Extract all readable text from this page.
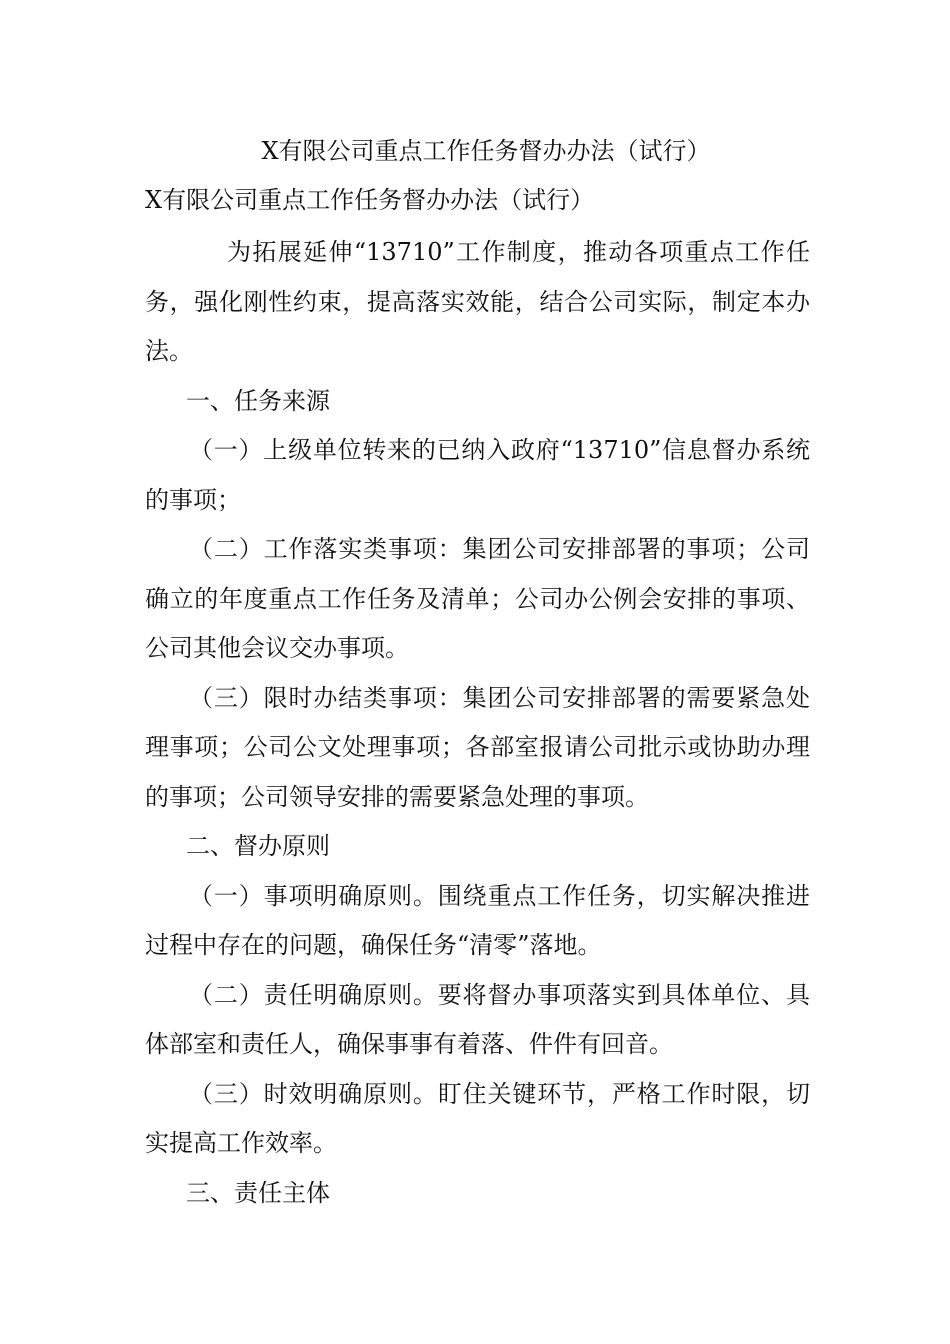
X有限公司重点工作任务督办办法（试行）
X有限公司重点工作任务督办办法（试行）

为拓展延伸“13710”工作制度，推动各项重点工作任务，强化刚性约束，提高落实效能，结合公司实际，制定本办法。

一、任务来源

（一）上级单位转来的已纳入政府“13710”信息督办系统的事项；

（二）工作落实类事项：集团公司安排部署的事项；公司确立的年度重点工作任务及清单；公司办公例会安排的事项、公司其他会议交办事项。

（三）限时办结类事项：集团公司安排部署的需要紧急处理事项；公司公文处理事项；各部室报请公司批示或协助办理的事项；公司领导安排的需要紧急处理的事项。

二、督办原则

（一）事项明确原则。围绕重点工作任务，切实解决推进过程中存在的问题，确保任务“清零”落地。

（二）责任明确原则。要将督办事项落实到具体单位、具体部室和责任人，确保事事有着落、件件有回音。

（三）时效明确原则。盯住关键环节，严格工作时限，切实提高工作效率。

三、责任主体
